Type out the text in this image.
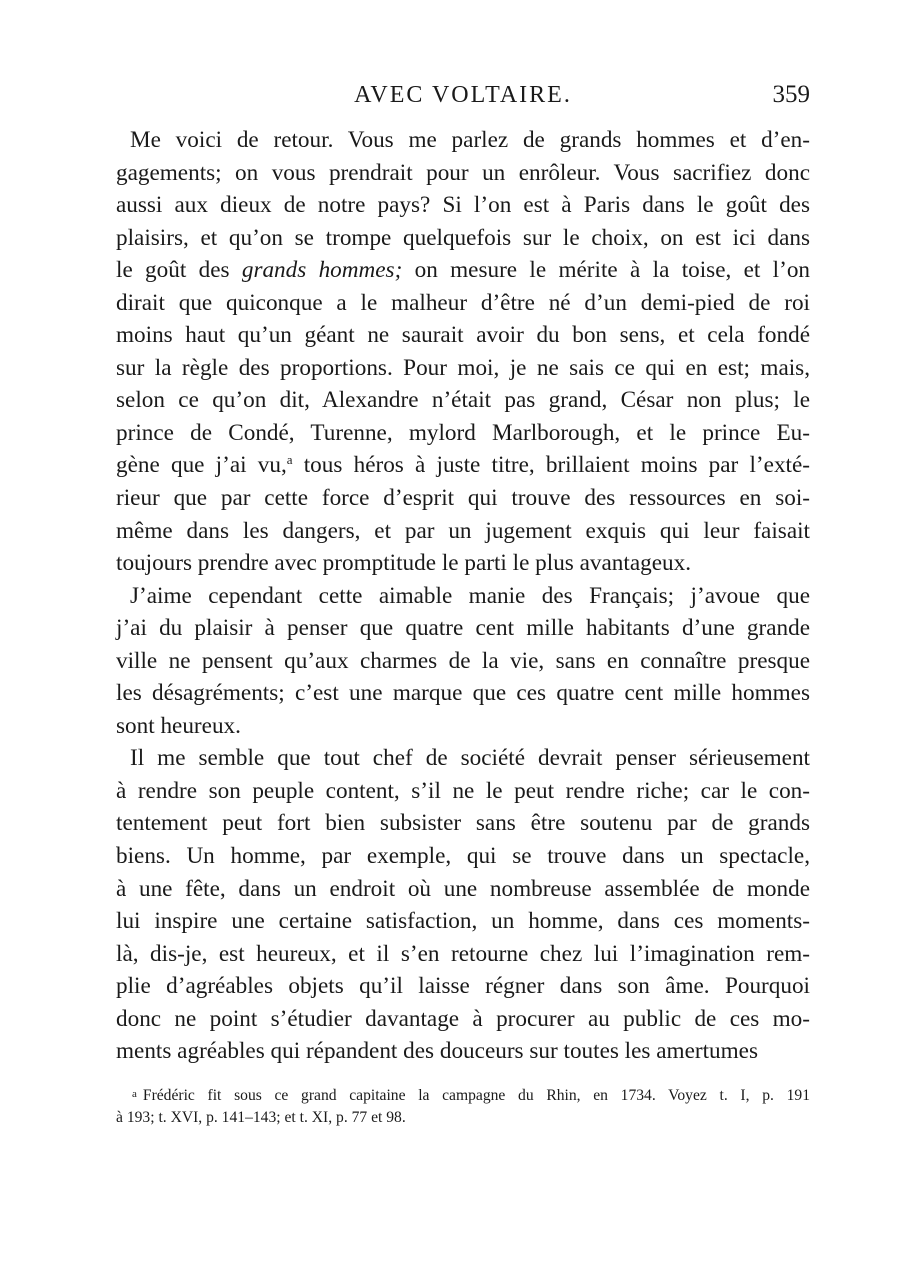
AVEC VOLTAIRE.	359
Me voici de retour. Vous me parlez de grands hommes et d’en-
gagements; on vous prendrait pour un enrôleur. Vous sacrifiez donc
aussi aux dieux de notre pays? Si l’on est à Paris dans le goût des
plaisirs, et qu’on se trompe quelquefois sur le choix, on est ici dans
le goût des grands hommes; on mesure le mérite à la toise, et l’on
dirait que quiconque a le malheur d’être né d’un demi-pied de roi
moins haut qu’un géant ne saurait avoir du bon sens, et cela fondé
sur la règle des proportions. Pour moi, je ne sais ce qui en est; mais,
selon ce qu’on dit, Alexandre n’était pas grand, César non plus; le
prince de Condé, Turenne, mylord Marlborough, et le prince Eu-
gène que j’ai vu,$^a$ tous héros à juste titre, brillaient moins par l’exté-
rieur que par cette force d’esprit qui trouve des ressources en soi-
même dans les dangers, et par un jugement exquis qui leur faisait
toujours prendre avec promptitude le parti le plus avantageux.
J’aime cependant cette aimable manie des Français; j’avoue que
j’ai du plaisir à penser que quatre cent mille habitants d’une grande
ville ne pensent qu’aux charmes de la vie, sans en connaître presque
les désagréments; c’est une marque que ces quatre cent mille hommes
sont heureux.
Il me semble que tout chef de société devrait penser sérieusement
à rendre son peuple content, s’il ne le peut rendre riche; car le con-
tentement peut fort bien subsister sans être soutenu par de grands
biens. Un homme, par exemple, qui se trouve dans un spectacle,
à une fête, dans un endroit où une nombreuse assemblée de monde
lui inspire une certaine satisfaction, un homme, dans ces moments-
là, dis-je, est heureux, et il s’en retourne chez lui l’imagination rem-
plie d’agréables objets qu’il laisse régner dans son âme. Pourquoi
donc ne point s’étudier davantage à procurer au public de ces mo-
ments agréables qui répandent des douceurs sur toutes les amertumes
a Frédéric fit sous ce grand capitaine la campagne du Rhin, en 1734. Voyez t. I, p. 191
à 193; t. XVI, p. 141–143; et t. XI, p. 77 et 98.
